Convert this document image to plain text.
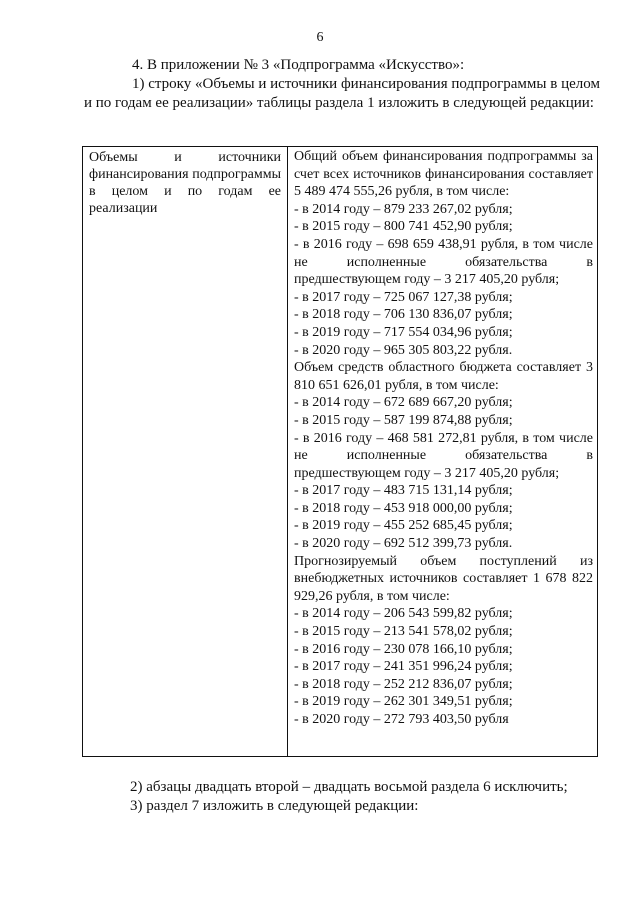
6

4. В приложении № 3 «Подпрограмма «Искусство»:

1) строку «Объемы и источники финансирования подпрограммы в целом и по годам ее реализации» таблицы раздела 1 изложить в следующей редакции:

Объемы и источники финансирования подпрограммы в целом и по годам ее реализации
Общий объем финансирования подпрограммы за счет всех источников финансирования составляет 5 489 474 555,26 рубля, в том числе:
- в 2014 году – 879 233 267,02 рубля;
- в 2015 году – 800 741 452,90 рубля;
- в 2016 году – 698 659 438,91 рубля, в том числе не исполненные обязательства в предшествующем году – 3 217 405,20 рубля;
- в 2017 году – 725 067 127,38 рубля;
- в 2018 году – 706 130 836,07 рубля;
- в 2019 году – 717 554 034,96 рубля;
- в 2020 году – 965 305 803,22 рубля.
Объем средств областного бюджета составляет 3 810 651 626,01 рубля, в том числе:
- в 2014 году – 672 689 667,20 рубля;
- в 2015 году – 587 199 874,88 рубля;
- в 2016 году – 468 581 272,81 рубля, в том числе не исполненные обязательства в предшествующем году – 3 217 405,20 рубля;
- в 2017 году – 483 715 131,14 рубля;
- в 2018 году – 453 918 000,00 рубля;
- в 2019 году – 455 252 685,45 рубля;
- в 2020 году – 692 512 399,73 рубля.
Прогнозируемый объем поступлений из внебюджетных источников составляет 1 678 822 929,26 рубля, в том числе:
- в 2014 году – 206 543 599,82 рубля;
- в 2015 году – 213 541 578,02 рубля;
- в 2016 году – 230 078 166,10 рубля;
- в 2017 году – 241 351 996,24 рубля;
- в 2018 году – 252 212 836,07 рубля;
- в 2019 году – 262 301 349,51 рубля;
- в 2020 году – 272 793 403,50 рубля

2) абзацы двадцать второй – двадцать восьмой раздела 6 исключить;

3) раздел 7 изложить в следующей редакции:
